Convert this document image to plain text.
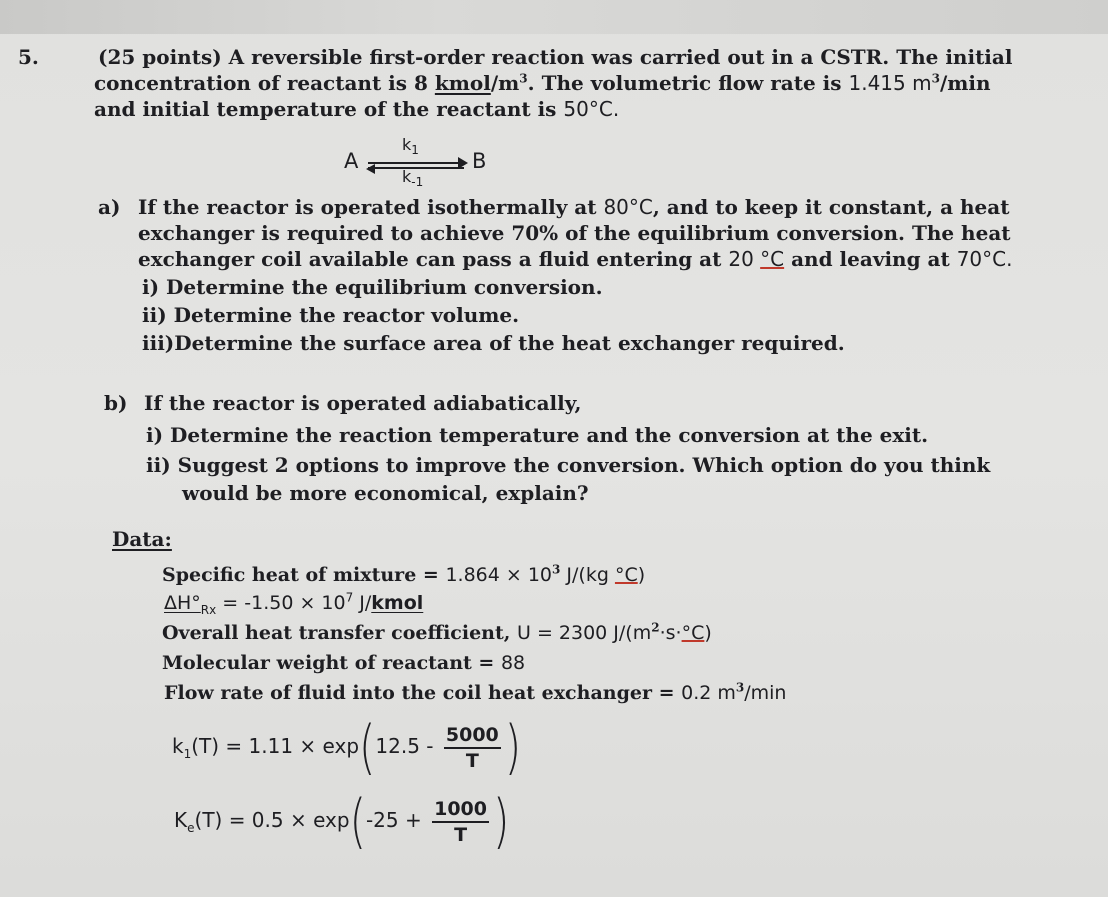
5.	(25 points) A reversible first-order reaction was carried out in a CSTR. The initial
concentration of reactant is 8 kmol/$m^3$. The volumetric flow rate is 1.415 $m^3/\min$
and initial temperature of the reactant is 50°C.
A
$k_1$
$k_{-1}$
B
a) If the reactor is operated isothermally at 80°C, and to keep it constant, a heat
exchanger is required to achieve 70% of the equilibrium conversion. The heat
exchanger coil available can pass a fluid entering at 20 °C and leaving at 70°C.
i) Determine the equilibrium conversion.
ii) Determine the reactor volume.
iii)Determine the surface area of the heat exchanger required.
b) If the reactor is operated adiabatically,
i) Determine the reaction temperature and the conversion at the exit.
ii) Suggest 2 options to improve the conversion. Which option do you think
would be more economical, explain?
Data:
Specific heat of mixture = $1.864 \times 10^3$ J/(kg °C)
$\Delta H^\circ_{Rx} = -1.50 \times 10^7$ J/kmol
Overall heat transfer coefficient, U = 2300 $J/(m^2\cdot s\cdot^\circ C)$
Molecular weight of reactant = 88
Flow rate of fluid into the coil heat exchanger = 0.2 $m^3/\min$
$k_1(T) = 1.11 \times \exp(12.5 - \frac{5000}{T}$ )
$K_e(T) = 0.5 \times \exp(-25 + \frac{1000}{T}$ )
